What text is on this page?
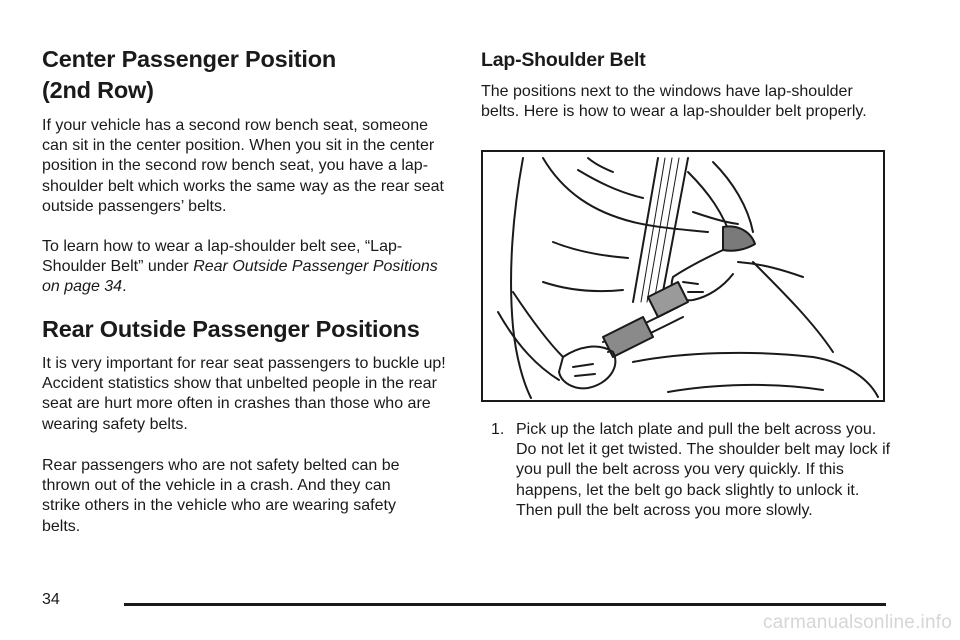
Center Passenger Position (2nd Row)

If your vehicle has a second row bench seat, someone can sit in the center position. When you sit in the center position in the second row bench seat, you have a lap-shoulder belt which works the same way as the rear seat outside passengers’ belts.

To learn how to wear a lap-shoulder belt see, “Lap-Shoulder Belt” under Rear Outside Passenger Positions on page 34.

Rear Outside Passenger Positions

It is very important for rear seat passengers to buckle up! Accident statistics show that unbelted people in the rear seat are hurt more often in crashes than those who are wearing safety belts.

Rear passengers who are not safety belted can be thrown out of the vehicle in a crash. And they can strike others in the vehicle who are wearing safety belts.

Lap-Shoulder Belt

The positions next to the windows have lap-shoulder belts. Here is how to wear a lap-shoulder belt properly.

1. Pick up the latch plate and pull the belt across you. Do not let it get twisted. The shoulder belt may lock if you pull the belt across you very quickly. If this happens, let the belt go back slightly to unlock it. Then pull the belt across you more slowly.
34
carmanualsonline.info
